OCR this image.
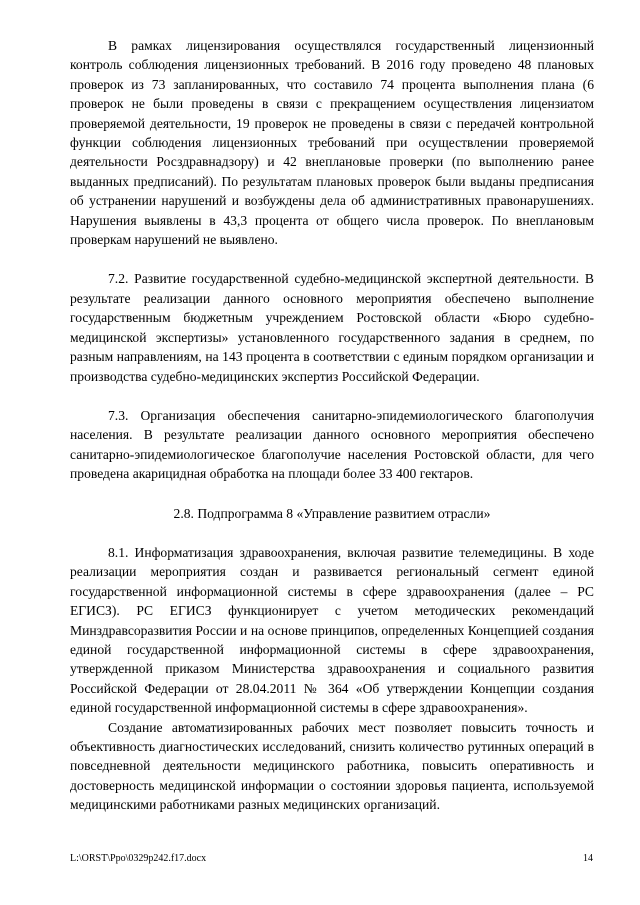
В рамках лицензирования осуществлялся государственный лицензионный контроль соблюдения лицензионных требований. В 2016 году проведено 48 плановых проверок из 73 запланированных, что составило 74 процента выполнения плана (6 проверок не были проведены в связи с прекращением осуществления лицензиатом проверяемой деятельности, 19 проверок не проведены в связи с передачей контрольной функции соблюдения лицензионных требований при осуществлении проверяемой деятельности Росздравнадзору) и 42 внеплановые проверки (по выполнению ранее выданных предписаний). По результатам плановых проверок были выданы предписания об устранении нарушений и возбуждены дела об административных правонарушениях. Нарушения выявлены в 43,3 процента от общего числа проверок. По внеплановым проверкам нарушений не выявлено.

7.2. Развитие государственной судебно-медицинской экспертной деятельности. В результате реализации данного основного мероприятия обеспечено выполнение государственным бюджетным учреждением Ростовской области «Бюро судебно-медицинской экспертизы» установленного государственного задания в среднем, по разным направлениям, на 143 процента в соответствии с единым порядком организации и производства судебно-медицинских экспертиз Российской Федерации.

7.3. Организация обеспечения санитарно-эпидемиологического благополучия населения. В результате реализации данного основного мероприятия обеспечено санитарно-эпидемиологическое благополучие населения Ростовской области, для чего проведена акарицидная обработка на площади более 33 400 гектаров.

2.8. Подпрограмма 8 «Управление развитием отрасли»

8.1. Информатизация здравоохранения, включая развитие телемедицины. В ходе реализации мероприятия создан и развивается региональный сегмент единой государственной информационной системы в сфере здравоохранения (далее – РС ЕГИСЗ). РС ЕГИСЗ функционирует с учетом методических рекомендаций Минздравсоразвития России и на основе принципов, определенных Концепцией создания единой государственной информационной системы в сфере здравоохранения, утвержденной приказом Министерства здравоохранения и социального развития Российской Федерации от 28.04.2011 № 364 «Об утверждении Концепции создания единой государственной информационной системы в сфере здравоохранения».

Создание автоматизированных рабочих мест позволяет повысить точность и объективность диагностических исследований, снизить количество рутинных операций в повседневной деятельности медицинского работника, повысить оперативность и достоверность медицинской информации о состоянии здоровья пациента, используемой медицинскими работниками разных медицинских организаций.

L:\ORST\Ppo\0329p242.f17.docx	14
